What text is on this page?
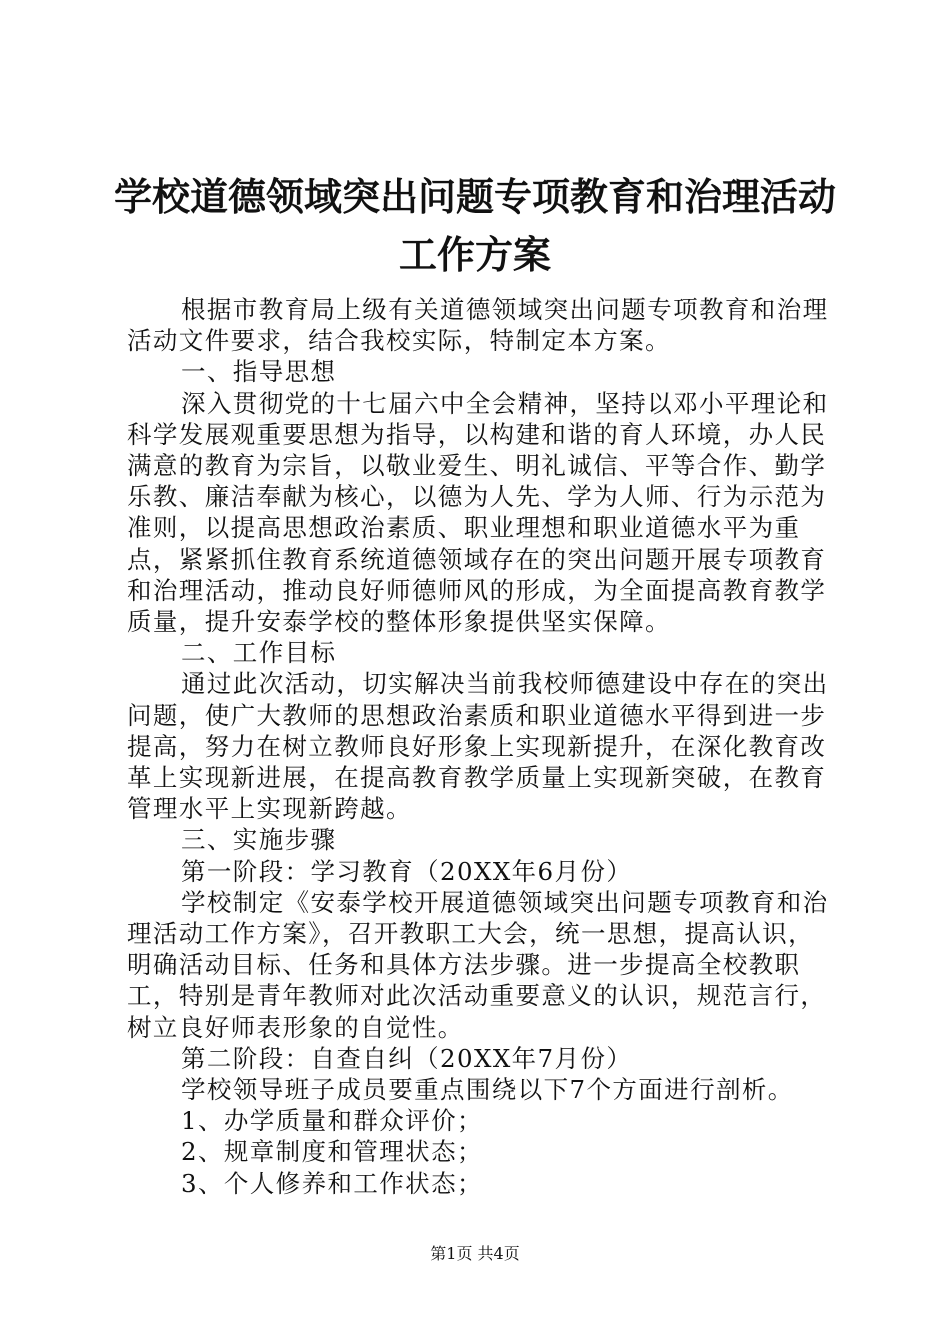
学校道德领域突出问题专项教育和治理活动工作方案

根据市教育局上级有关道德领域突出问题专项教育和治理活动文件要求，结合我校实际，特制定本方案。

一、指导思想

深入贯彻党的十七届六中全会精神，坚持以邓小平理论和科学发展观重要思想为指导，以构建和谐的育人环境，办人民满意的教育为宗旨，以敬业爱生、明礼诚信、平等合作、勤学乐教、廉洁奉献为核心，以德为人先、学为人师、行为示范为准则，以提高思想政治素质、职业理想和职业道德水平为重点，紧紧抓住教育系统道德领域存在的突出问题开展专项教育和治理活动，推动良好师德师风的形成，为全面提高教育教学质量，提升安泰学校的整体形象提供坚实保障。

二、工作目标

通过此次活动，切实解决当前我校师德建设中存在的突出问题，使广大教师的思想政治素质和职业道德水平得到进一步提高，努力在树立教师良好形象上实现新提升，在深化教育改革上实现新进展，在提高教育教学质量上实现新突破，在教育管理水平上实现新跨越。

三、实施步骤

第一阶段：学习教育（20XX年6月份）

学校制定《安泰学校开展道德领域突出问题专项教育和治理活动工作方案》，召开教职工大会，统一思想，提高认识，明确活动目标、任务和具体方法步骤。进一步提高全校教职工，特别是青年教师对此次活动重要意义的认识，规范言行，树立良好师表形象的自觉性。

第二阶段：自查自纠（20XX年7月份）

学校领导班子成员要重点围绕以下7个方面进行剖析。

1、办学质量和群众评价；

2、规章制度和管理状态；

3、个人修养和工作状态；

第1页 共4页
